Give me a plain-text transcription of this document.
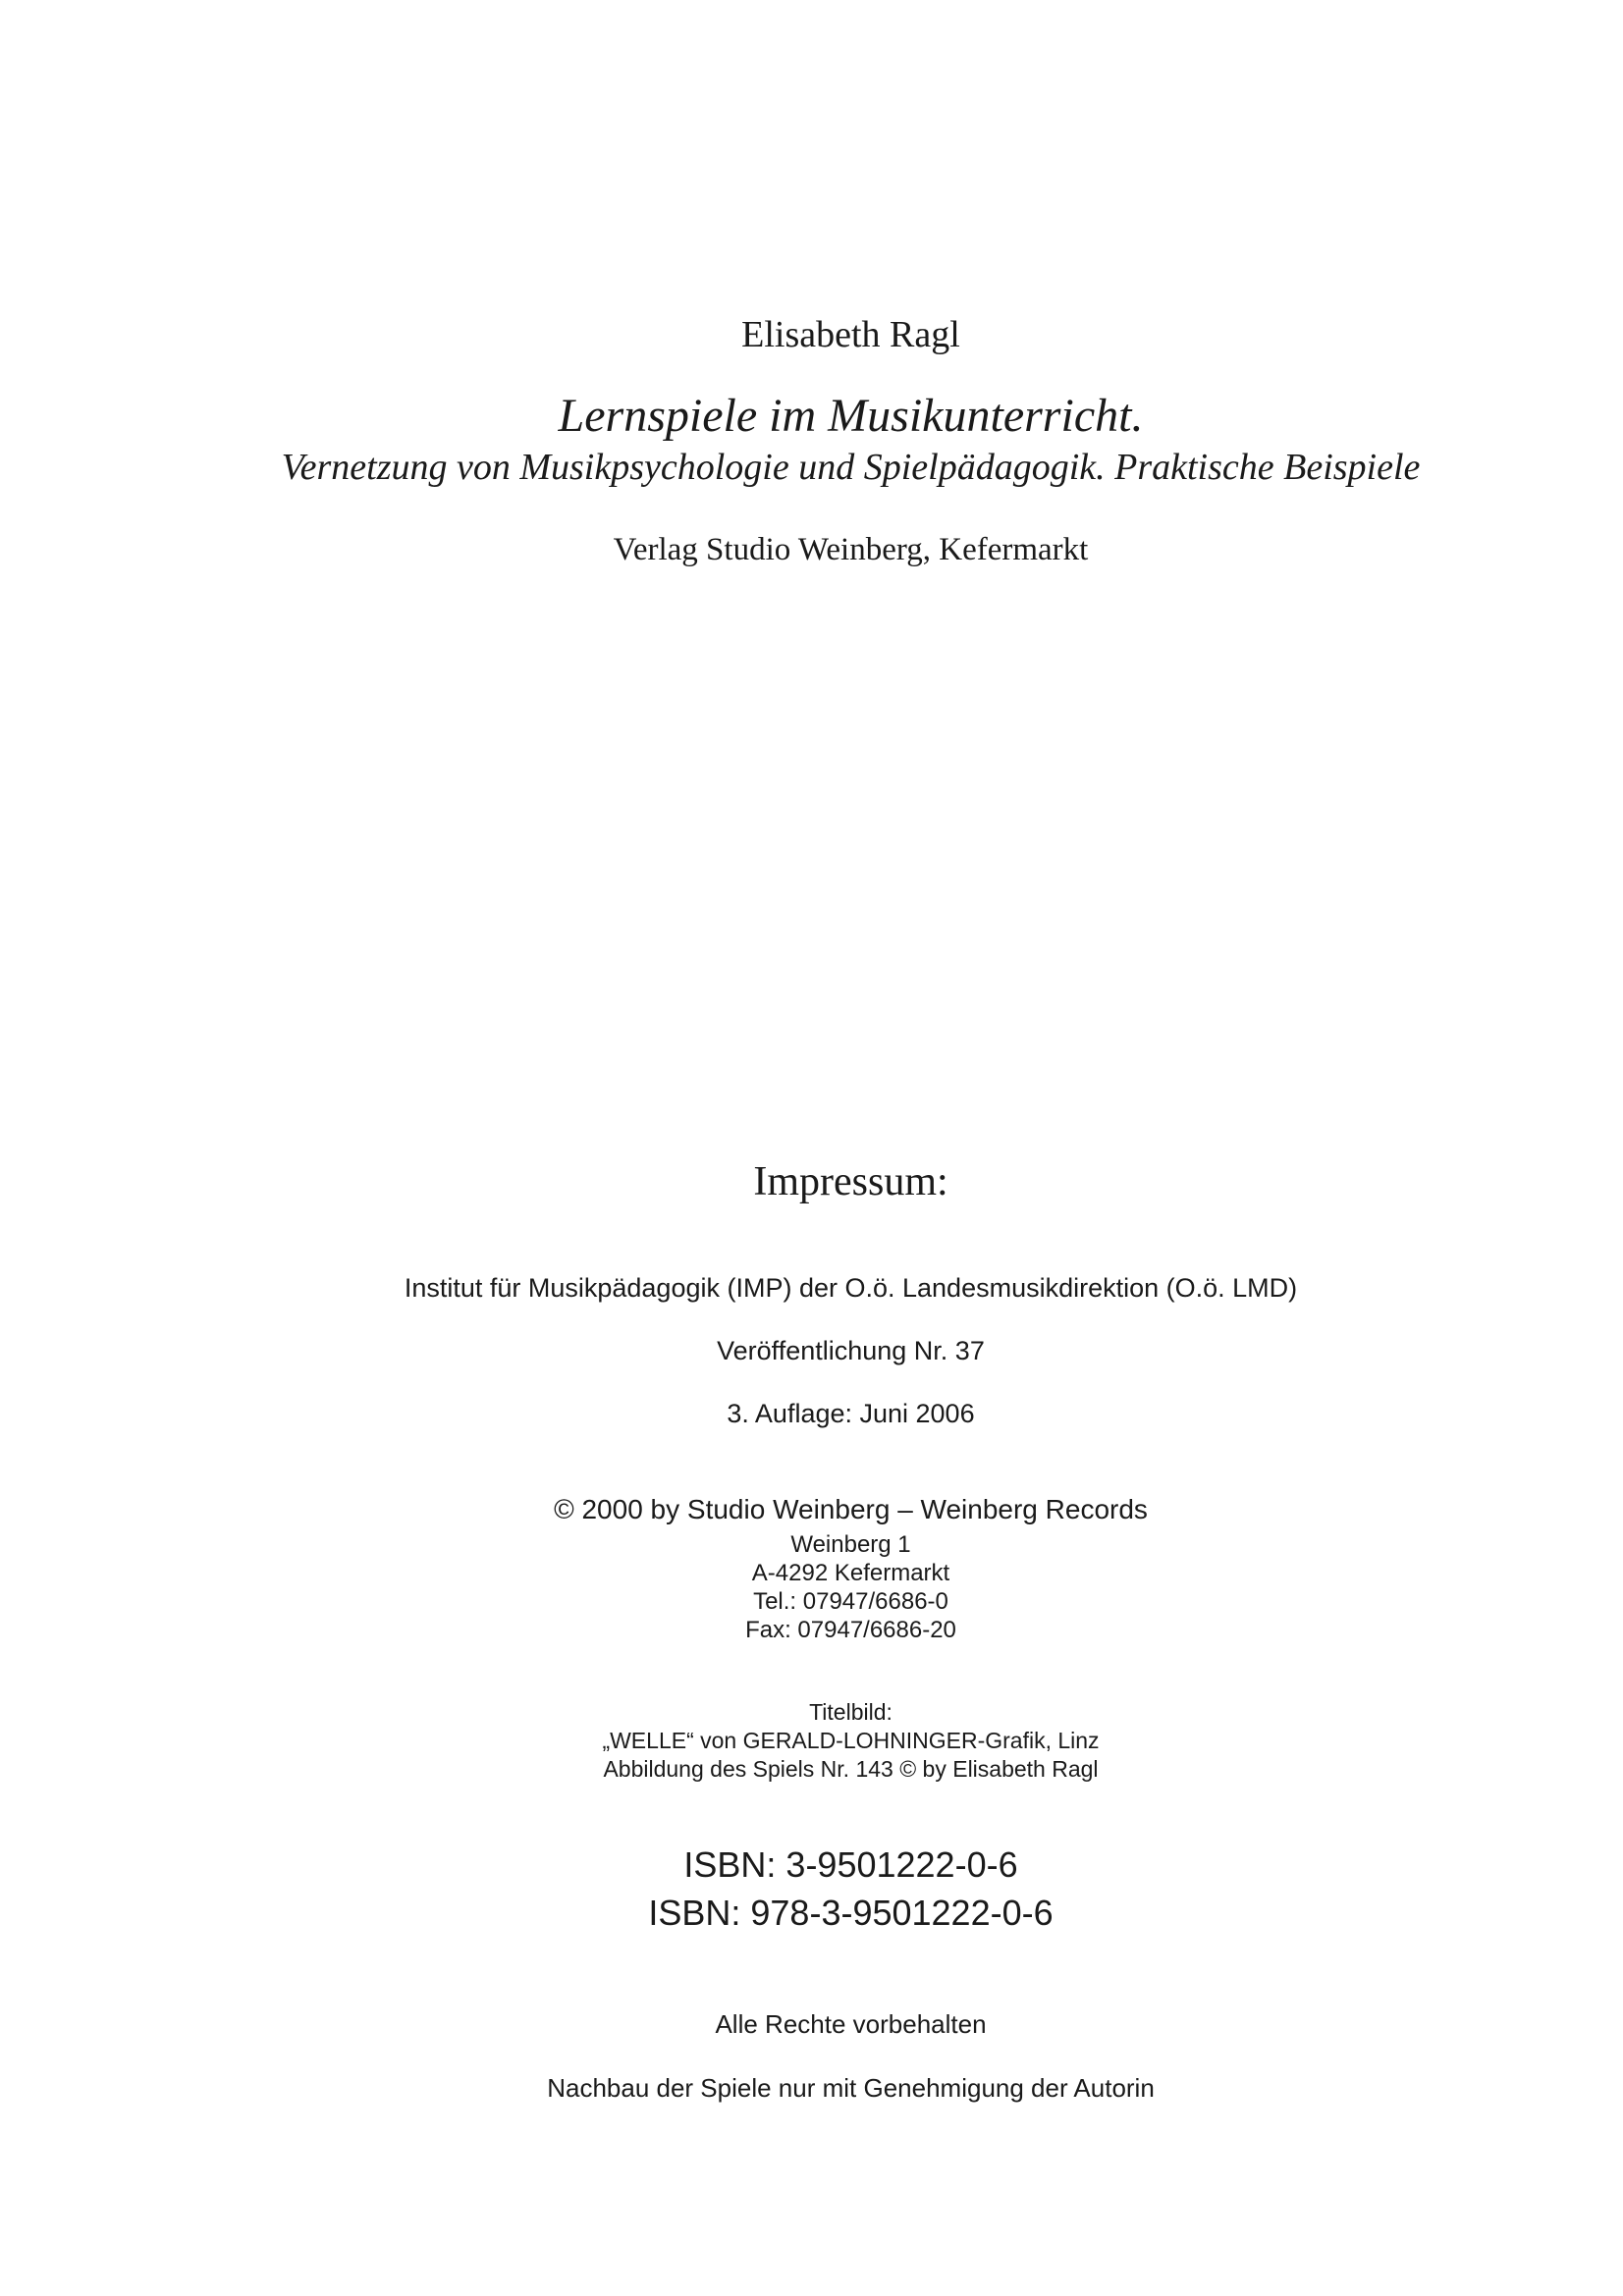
Elisabeth Ragl

Lernspiele im Musikunterricht.

Vernetzung von Musikpsychologie und Spielpädagogik. Praktische Beispiele

Verlag Studio Weinberg, Kefermarkt

Impressum:

Institut für Musikpädagogik (IMP) der O.ö. Landesmusikdirektion (O.ö. LMD)

Veröffentlichung Nr. 37

3. Auflage: Juni 2006

© 2000 by Studio Weinberg – Weinberg Records

Weinberg 1

A-4292 Kefermarkt

Tel.: 07947/6686-0

Fax: 07947/6686-20

Titelbild:

„WELLE“ von GERALD-LOHNINGER-Grafik, Linz

Abbildung des Spiels Nr. 143 © by Elisabeth Ragl

ISBN: 3-9501222-0-6

ISBN: 978-3-9501222-0-6

Alle Rechte vorbehalten

Nachbau der Spiele nur mit Genehmigung der Autorin
